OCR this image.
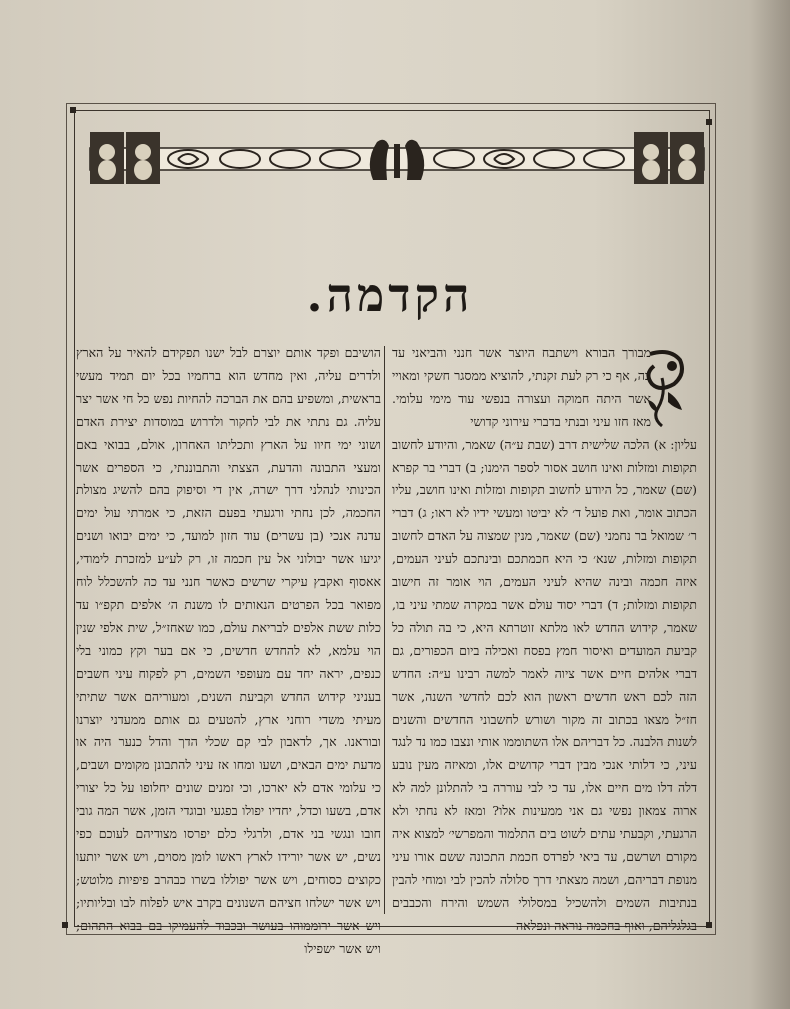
הקדמה.

מבורך הבורא וישתבח היוצר אשר חנני והביאני עד כה, אף כי רק לעת זקנתי, להוציא ממסגר חשקי ומאויי אשר היתה חמוקה ועצורה בנפשי עוד מימי עלומי. מאז חזו עיני ובנתי בדברי עירוני קדושי

עליון: א) הלכה שלישית דרב (שבת ע״ה) שאמר, והיודע לחשוב תקופות ומזלות ואינו חושב אסור לספר הימנו; ב) דברי בר קפרא (שם) שאמר, כל היודע לחשוב תקופות ומזלות ואינו חושב, עליו הכתוב אומר, ואת פועל ד׳ לא יביטו ומעשי ידיו לא ראו; ג) דברי ר׳ שמואל בר נחמני (שם) שאמר, מנין שמצוה על האדם לחשוב תקופות ומזלות, שנא׳ כי היא חכמתכם ובינתכם לעיני העמים, איזה חכמה ובינה שהיא לעיני העמים, הוי אומר זה חישוב תקופות ומזלות; ד) דברי יסוד עולם אשר במקרה שמתי עיני בו, שאמר, קידוש החדש לאו מלתא זוטרתא היא, כי בה תולה כל קביעת המועדים ואיסור חמץ בפסח ואכילה ביום הכפורים, גם דברי אלהים חיים אשר ציוה לאמר למשה רבינו ע״ה: החדש הזה לכם ראש חדשים ראשון הוא לכם לחדשי השנה, אשר חז״ל מצאו בכתוב זה מקור ושורש לחשבוני החדשים והשנים לשנות הלבנה. כל דבריהם אלו השתוממו אותי ונצבו כמו נד לנגד עיני, כי דלותי אנכי מבין דברי קדושים אלו, ומאיזה מעין נובע דלה דלו מים חיים אלו, עד כי לבי עוררה בי להתלונן למה לא ארוה צמאון נפשי גם אני ממעינות אלו? ומאז לא נחתי ולא הרגעתי, וקבעתי עתים לשוט בים התלמוד והמפרשי׳ למצוא איה מקורם ושרשם, עד ביאי לפרדס חכמת התכונה ששם אורו עיני מנופת דבריהם, ושמה מצאתי דרך סלולה להכין לבי ומוחי להבין בנתיבות השמים ולהשכיל במסלולי השמש והירח והכבבים בגלגליהם, ואוף בחכמה נוראה ונפלאה

הושיבם ופקד אותם יוצרם לבל ישנו תפקידם להאיר על הארץ ולדרים עליה, ואין מחדש הוא ברחמיו בכל יום תמיד מעשי בראשית, ומשפיע בהם את הברכה להחיות נפש כל חי אשר יצר עליה. גם נתתי את לבי לחקור ולדרוש במוסדות יצירת האדם ושוני ימי חיוו על הארץ ותכליתו האחרון, אולם, בבואי באם ומעצי התבונה והדעת, הצצתי והתבוננתי, כי הספרים אשר הכינותי לנהלני דרך ישרה, אין די וסיפוק בהם להשיג מצולת החכמה, לכן נחתי ורגעתי בפעם הזאת, כי אמרתי עול ימים עדנה אנכי (בן עשרים) עוד חזון למועד, כי ימים יבואו ושנים יגיעו אשר יבולוני אל עין חכמה זו, רק לע״ע למזכרת לימודי, אאסוף ואקבץ עיקרי שרשים כאשר חנני עד כה להשכלל לוח מפואר בכל הפרטים הנאותים לו משנת ה׳ אלפים תקפ״ו עד כלות ששת אלפים לבריאת עולם, כמו שאחז״ל, שית אלפי שנין הוי עלמא, לא להחדש חדשים, כי אם בער וקץ כמוני בלי כנפים, יראה יחד עם מעופפי השמים, רק לפקוח עיני חשבים בעניני קידוש החדש וקביעת השנים, ומעוריהם אשר שתיתי מעיתי משדי רוחני ארץ, להטעים גם אותם ממעדני יוצרנו ובוראנו. אך, לדאבון לבי קם שכלי הדך והדל כנער היה או מדעת ימים הבאים, ושעו ומחו אז עיני להתבונן מקומים ושבים, כי עלומי אדם לא יארכו, וכי זמנים שונים יחלופו על כל יצורי אדם, בשעו וכדל, יחדיו יפולו בפגעי ובוגדי הזמן, אשר המה גובי חובו ונגשי בני אדם, ולרגלי כלם יפרסו מצודיהם לעוכם כפי נשים, יש אשר יורידו לארץ ראשו לומן מסוים, ויש אשר יותעו כקוצים כסוחים, ויש אשר יפוללו בשרו כבהרב פיפיות מלוטש; ויש אשר ישלחו חציהם השנונים בקרב איש לפלוח לבו ובליותיו; ויש אשר ירוממוהו בעושר ובכבוד להעמיקו בם בבוא התהום; ויש אשר ישפילו
